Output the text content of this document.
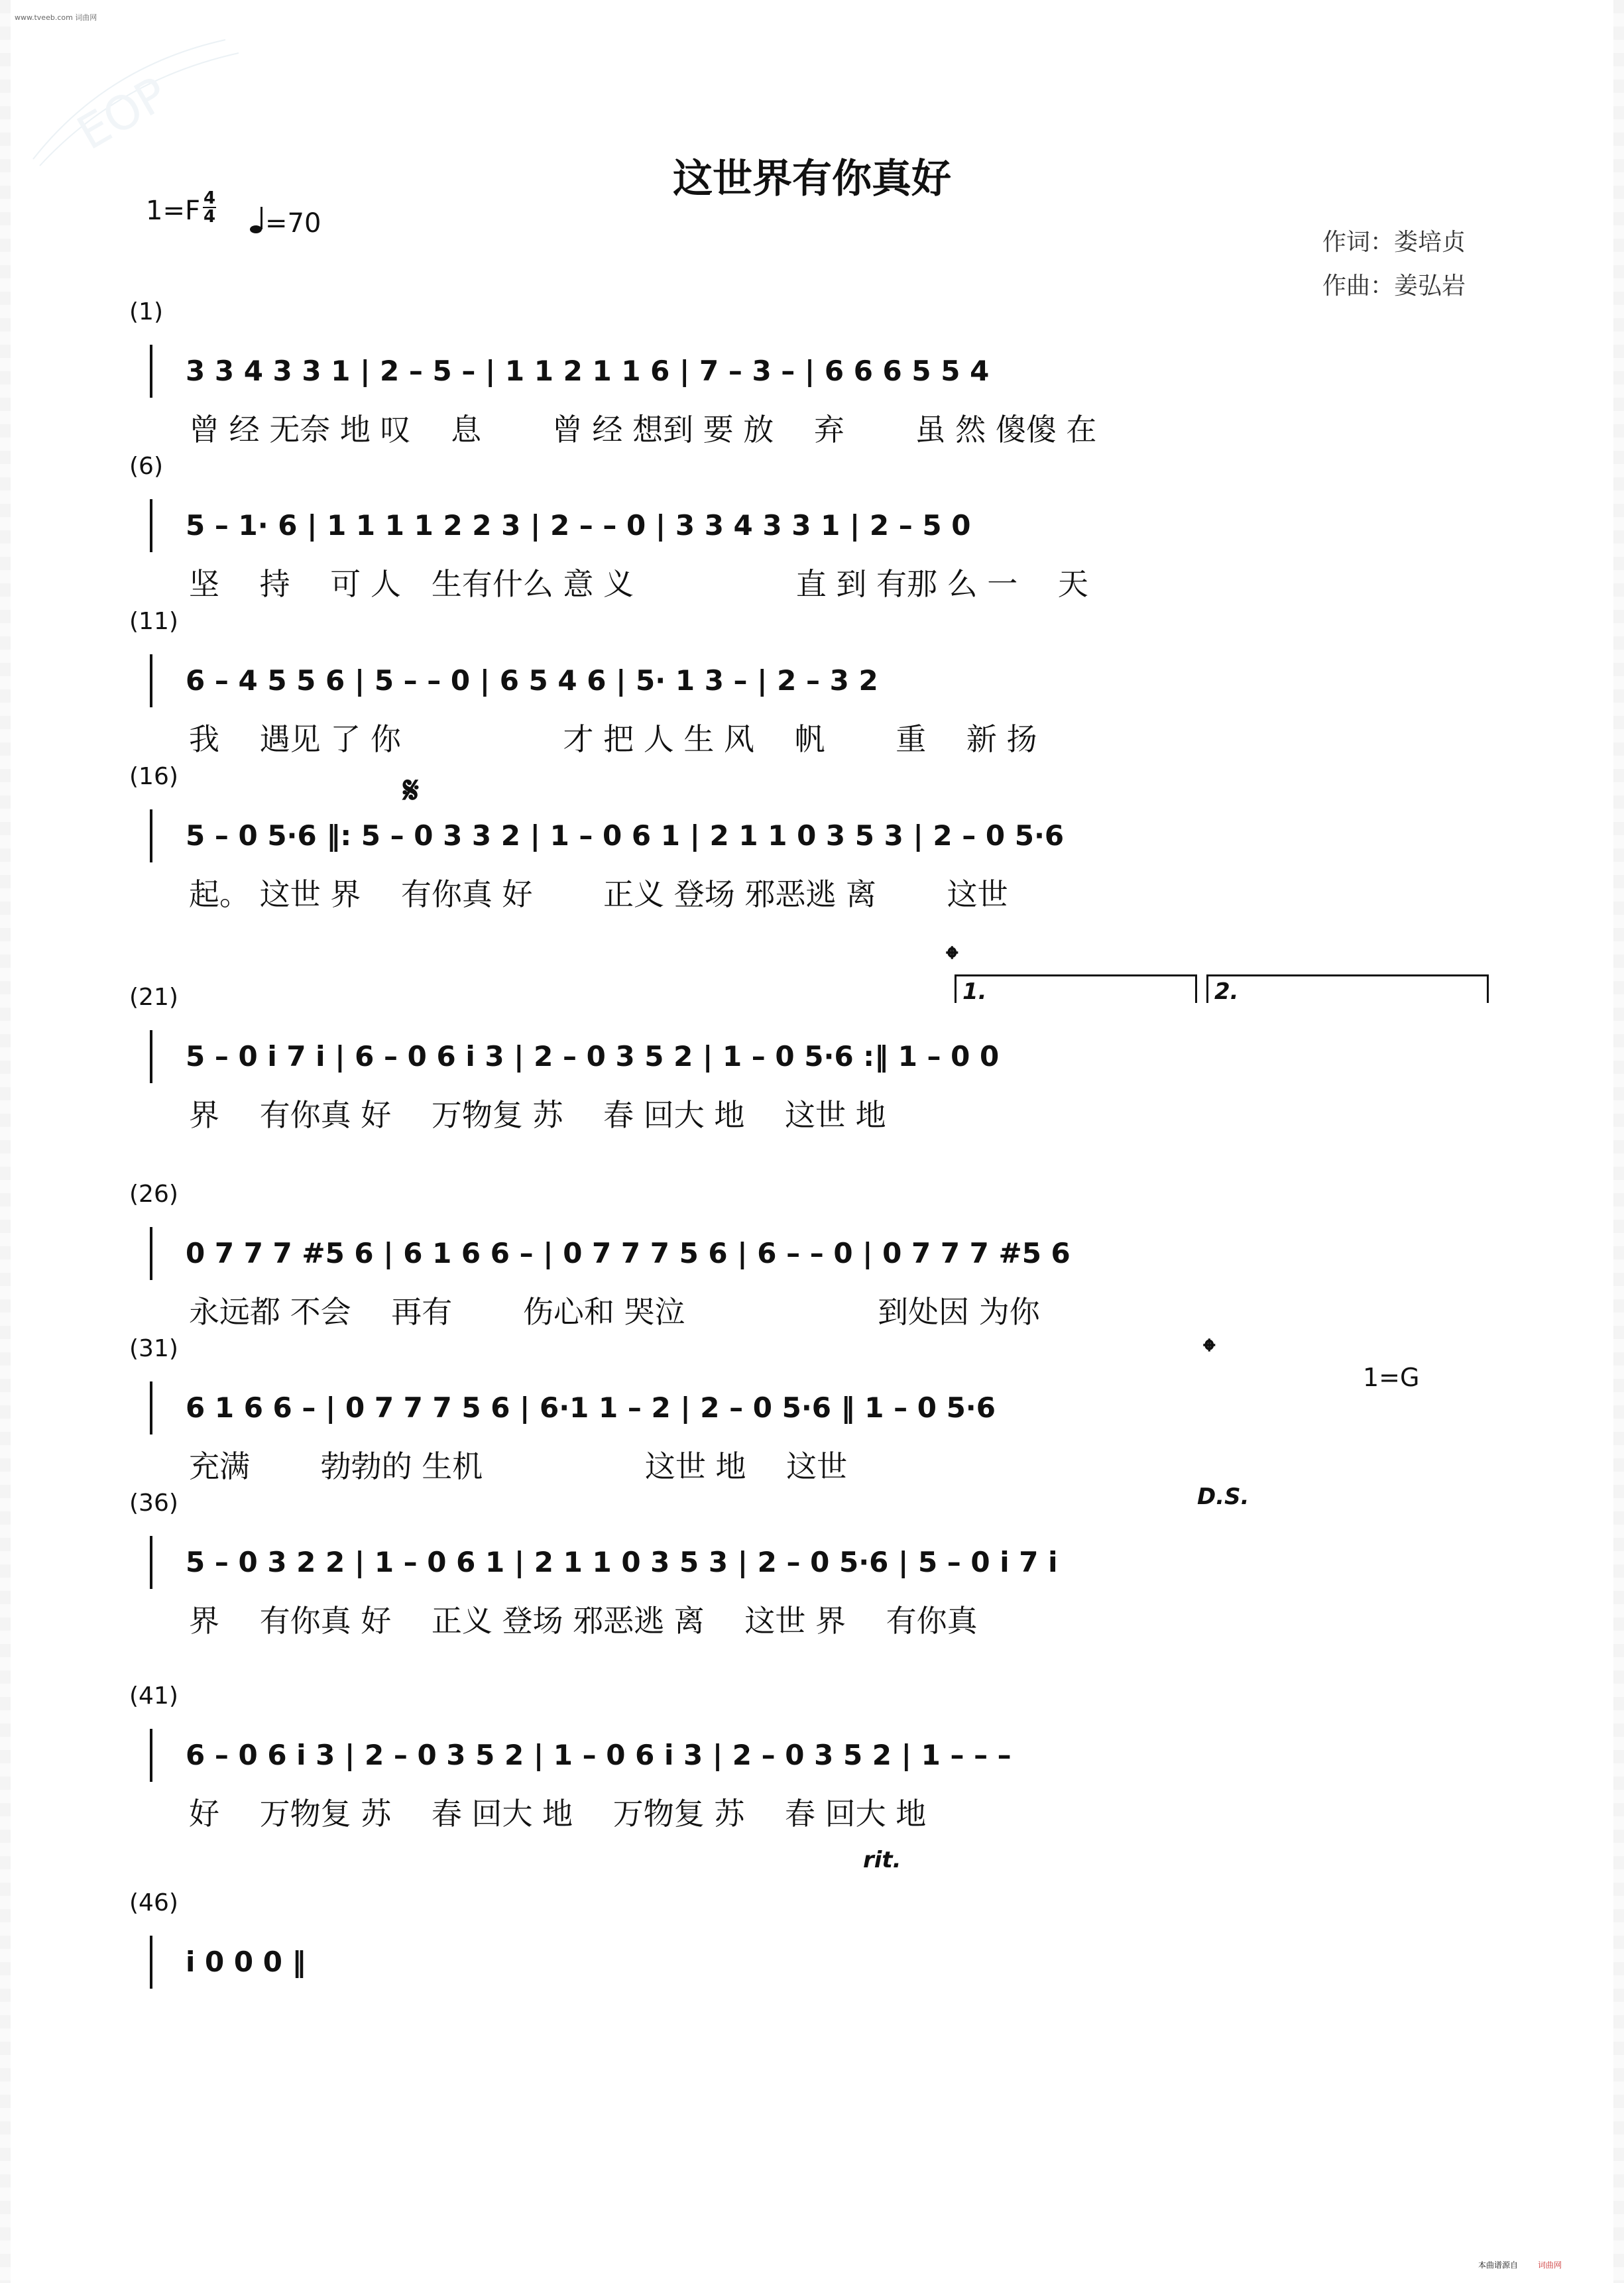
www.tveeb.com 词曲网
EOP
这世界有你真好
1=F 4
4	=70
作词：娄培贞
作曲：姜弘岩
(1)
3 3 4 3 3 1 | 2 – 5 – | 1 1 2 1 1 6 | 7 – 3 – | 6 6 6 5 5 4
曾 经 无奈 地 叹　 息　　 曾 经 想到 要 放　 弃　　 虽 然 傻傻 在
(6)
5 – 1· 6 | 1 1 1 1 2 2 3 | 2 – – 0 | 3 3 4 3 3 1 | 2 – 5 0
坚　 持　 可 人　生有什么 意 义　　　　　 直 到 有那 么 一　 天
(11)
6 – 4 5 5 6 | 5 – – 0 | 6 5 4 6 | 5· 1 3 – | 2 – 3 2
我　 遇见 了 你　　　　　 才 把 人 生 风　 帆　　 重　 新 扬
(16)
5 – 0 5·6 ‖: 5 – 0 3 3 2 | 1 – 0 6 1 | 2 1 1 0 3 5 3 | 2 – 0 5·6
起。 这世 界　 有你真 好　　 正义 登场 邪恶逃 离　　 这世
(21)
5 – 0 i 7 i | 6 – 0 6 i 3 | 2 – 0 3 5 2 | 1 – 0 5·6 :‖ 1 – 0 0
界　 有你真 好　 万物复 苏　 春 回大 地　 这世 地
(26)
0 7 7 7 #5 6 | 6 1 6 6 – | 0 7 7 7 5 6 | 6 – – 0 | 0 7 7 7 #5 6
永远都 不会　 再有　　 伤心和 哭泣　　　　　　 到处因 为你
(31)
6 1 6 6 – | 0 7 7 7 5 6 | 6·1 1 – 2 | 2 – 0 5·6 ‖ 1 – 0 5·6
充满　　 勃勃的 生机　　　　　 这世 地　 这世
(36)
5 – 0 3 2 2 | 1 – 0 6 1 | 2 1 1 0 3 5 3 | 2 – 0 5·6 | 5 – 0 i 7 i
界　 有你真 好　 正义 登场 邪恶逃 离　 这世 界　 有你真
(41)
6 – 0 6 i 3 | 2 – 0 3 5 2 | 1 – 0 6 i 3 | 2 – 0 3 5 2 | 1 – – –
好　 万物复 苏　 春 回大 地　 万物复 苏　 春 回大 地
(46)
i 0 0 0 ‖
𝄋
𝄌
1.	2.
𝄌
1=G
D.S.
rit.
本曲谱源自 词曲网
